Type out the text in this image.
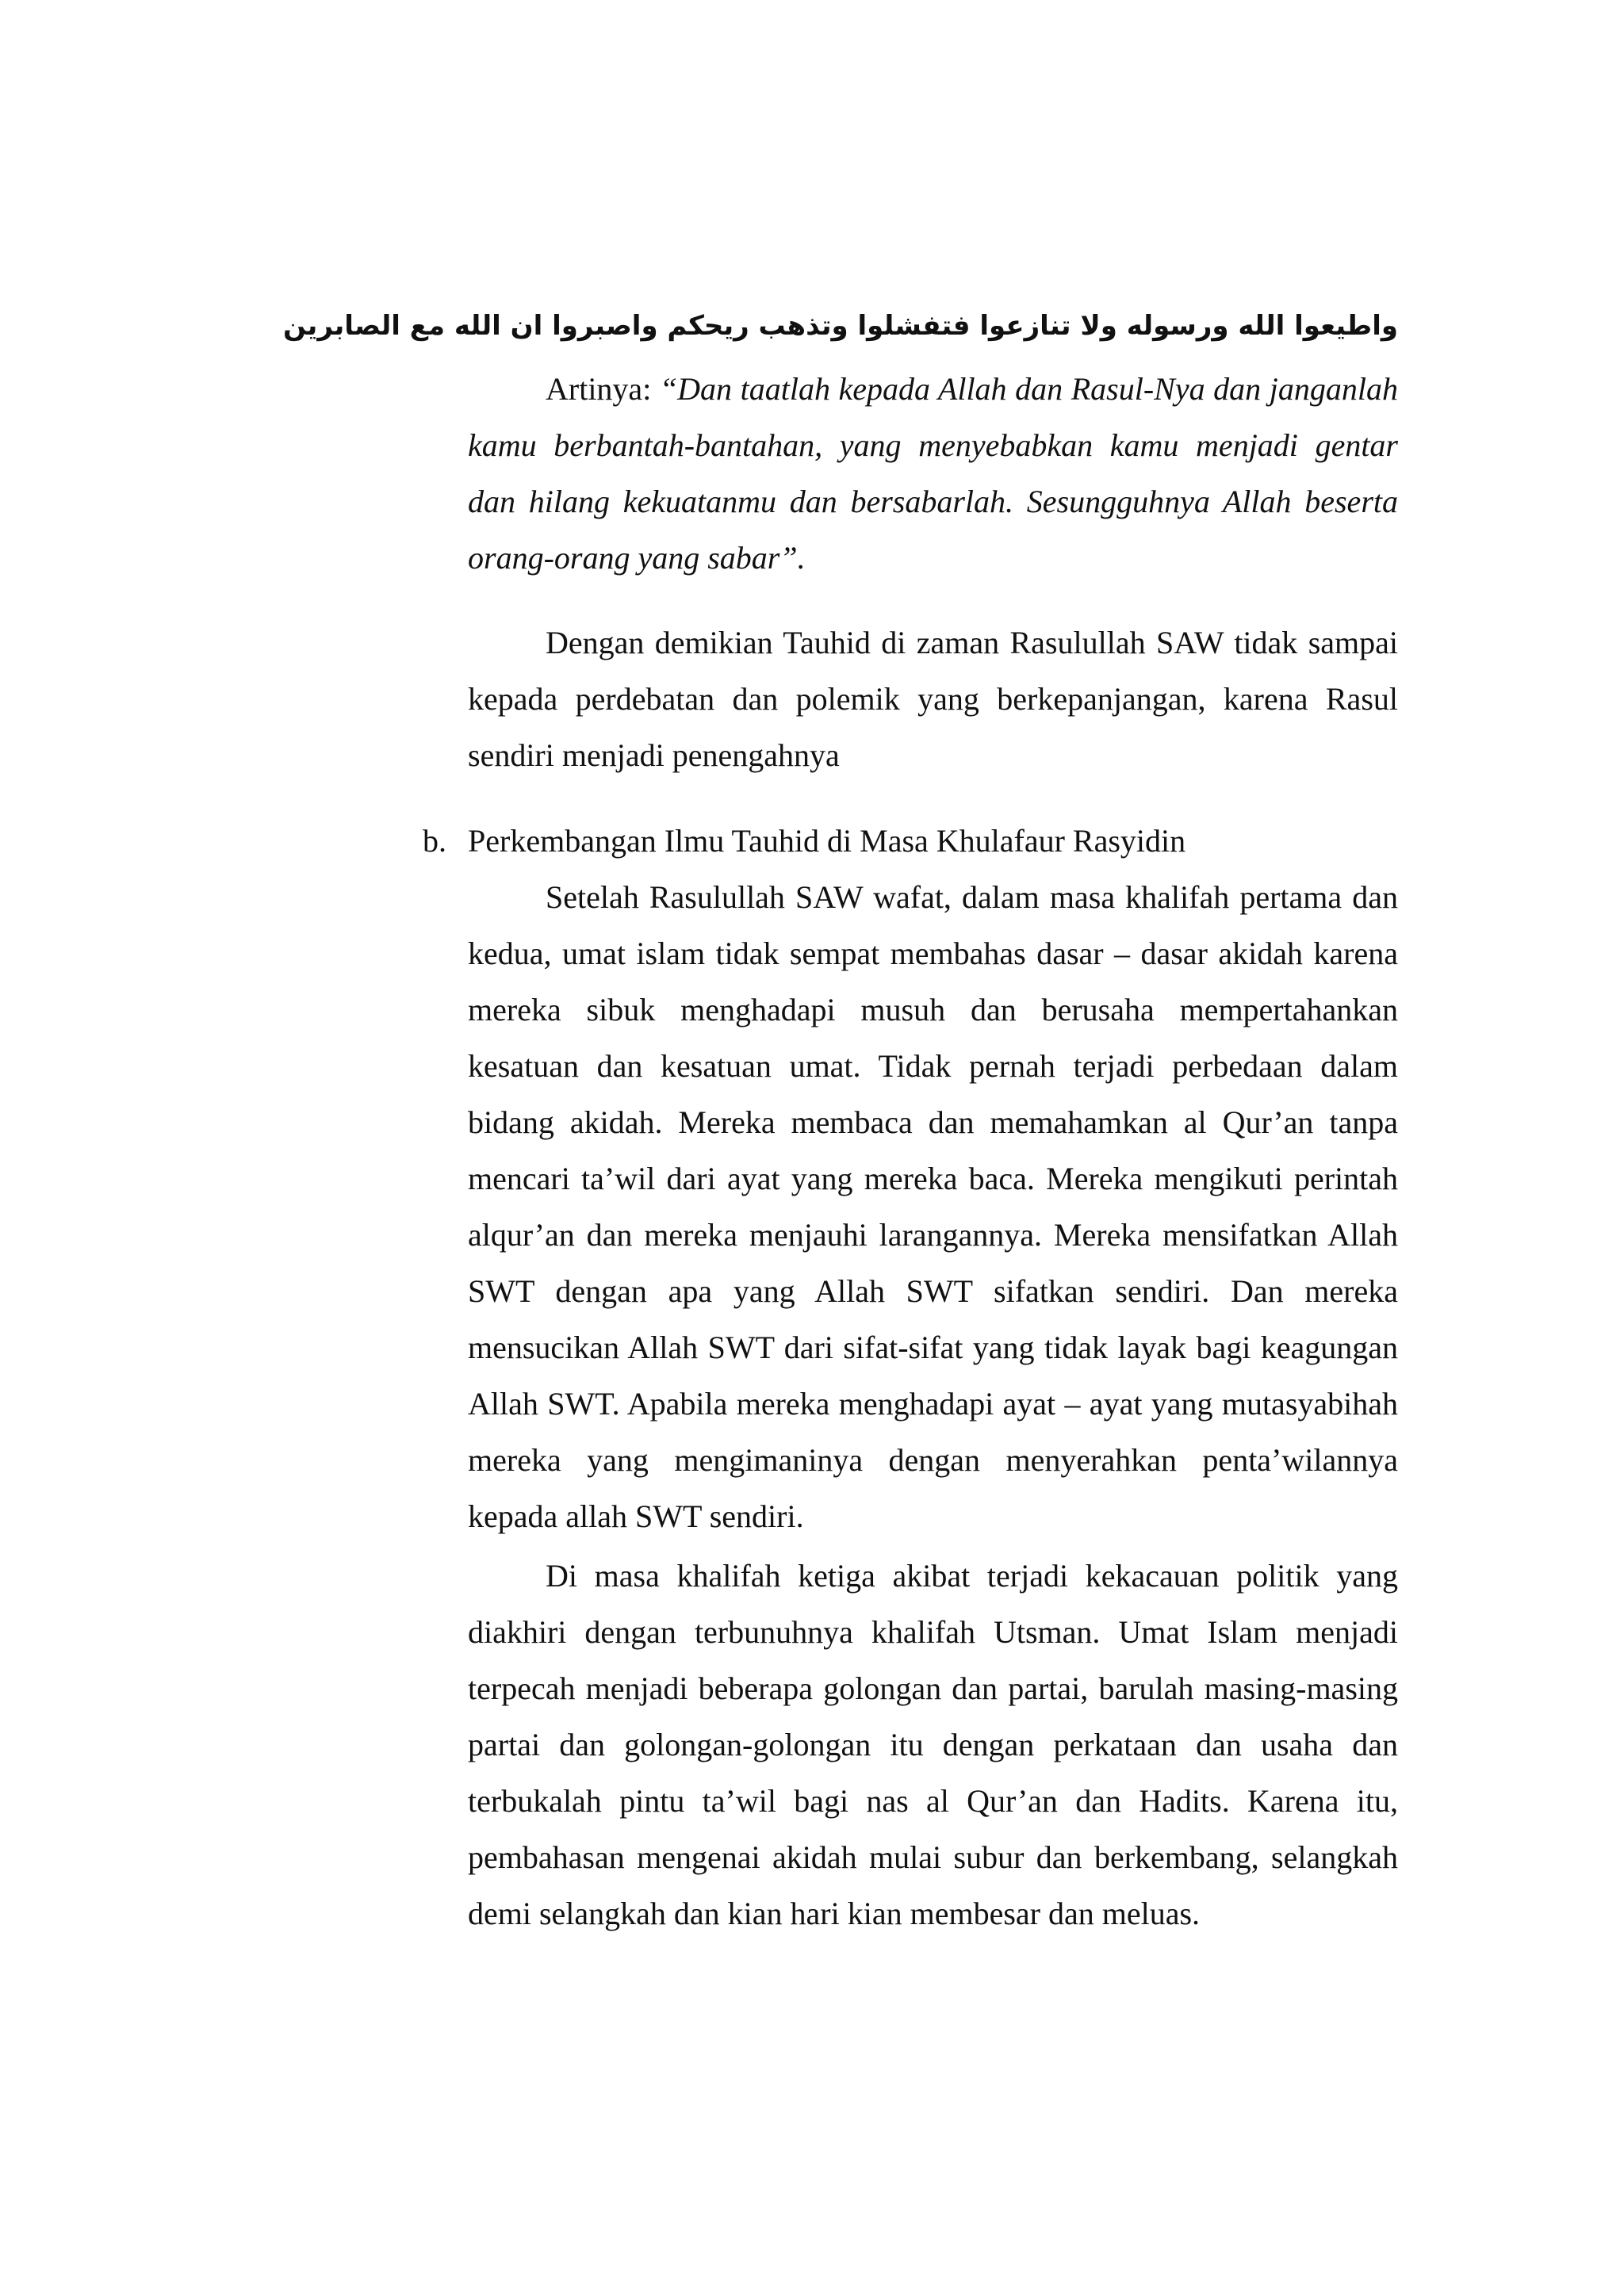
واطيعوا الله ورسوله ولا تنازعوا فتفشلوا وتذهب ريحكم واصبروا ان الله مع الصابرين

Artinya: “Dan taatlah kepada Allah dan Rasul-Nya dan janganlah kamu berbantah-bantahan, yang menyebabkan kamu menjadi gentar dan hilang kekuatanmu dan bersabarlah. Sesungguhnya Allah beserta orang-orang yang sabar”.

Dengan demikian Tauhid di zaman Rasulullah SAW tidak sampai kepada perdebatan dan polemik yang berkepanjangan, karena Rasul sendiri menjadi penengahnya

b. Perkembangan Ilmu Tauhid di Masa Khulafaur Rasyidin

Setelah Rasulullah SAW wafat, dalam masa khalifah pertama dan kedua, umat islam tidak sempat membahas dasar – dasar akidah karena mereka sibuk menghadapi musuh dan berusaha mempertahankan kesatuan dan kesatuan umat. Tidak pernah terjadi perbedaan dalam bidang akidah. Mereka membaca dan memahamkan al Qur’an tanpa mencari ta’wil dari ayat yang mereka baca. Mereka mengikuti perintah alqur’an dan mereka menjauhi larangannya. Mereka mensifatkan Allah SWT dengan apa yang Allah SWT sifatkan sendiri. Dan mereka mensucikan Allah SWT dari sifat-sifat yang tidak layak bagi keagungan Allah SWT. Apabila mereka menghadapi ayat – ayat yang mutasyabihah mereka yang mengimaninya dengan menyerahkan penta’wilannya kepada allah SWT sendiri.

Di masa khalifah ketiga akibat terjadi kekacauan politik yang diakhiri dengan terbunuhnya khalifah Utsman. Umat Islam menjadi terpecah menjadi beberapa golongan dan partai, barulah masing-masing partai dan golongan-golongan itu dengan perkataan dan usaha dan terbukalah pintu ta’wil bagi nas al Qur’an dan Hadits. Karena itu, pembahasan mengenai akidah mulai subur dan berkembang, selangkah demi selangkah dan kian hari kian membesar dan meluas.
